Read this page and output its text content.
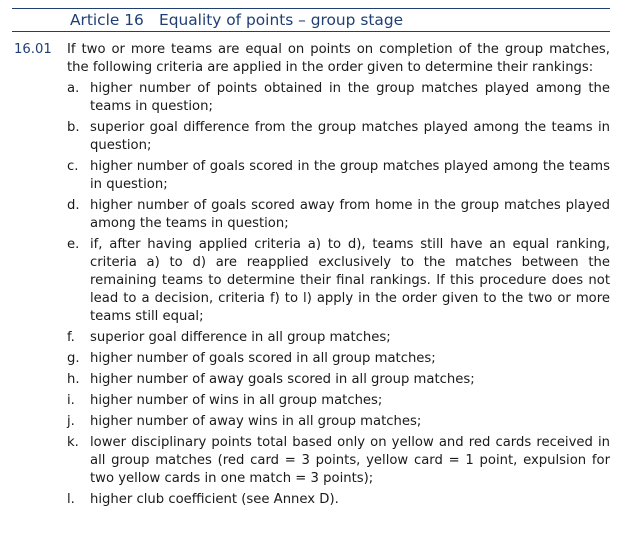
Article 16 Equality of points – group stage
16.01 If two or more teams are equal on points on completion of the group matches, the following criteria are applied in the order given to determine their rankings:
a. higher number of points obtained in the group matches played among the teams in question;
b. superior goal difference from the group matches played among the teams in question;
c. higher number of goals scored in the group matches played among the teams in question;
d. higher number of goals scored away from home in the group matches played among the teams in question;
e. if, after having applied criteria a) to d), teams still have an equal ranking, criteria a) to d) are reapplied exclusively to the matches between the remaining teams to determine their final rankings. If this procedure does not lead to a decision, criteria f) to l) apply in the order given to the two or more teams still equal;
f.	superior goal difference in all group matches;
g. higher number of goals scored in all group matches;
h. higher number of away goals scored in all group matches;
i.	higher number of wins in all group matches;
j.	higher number of away wins in all group matches;
k. lower disciplinary points total based only on yellow and red cards received in all group matches (red card = 3 points, yellow card = 1 point, expulsion for two yellow cards in one match = 3 points);
l.	higher club coefficient (see Annex D).
